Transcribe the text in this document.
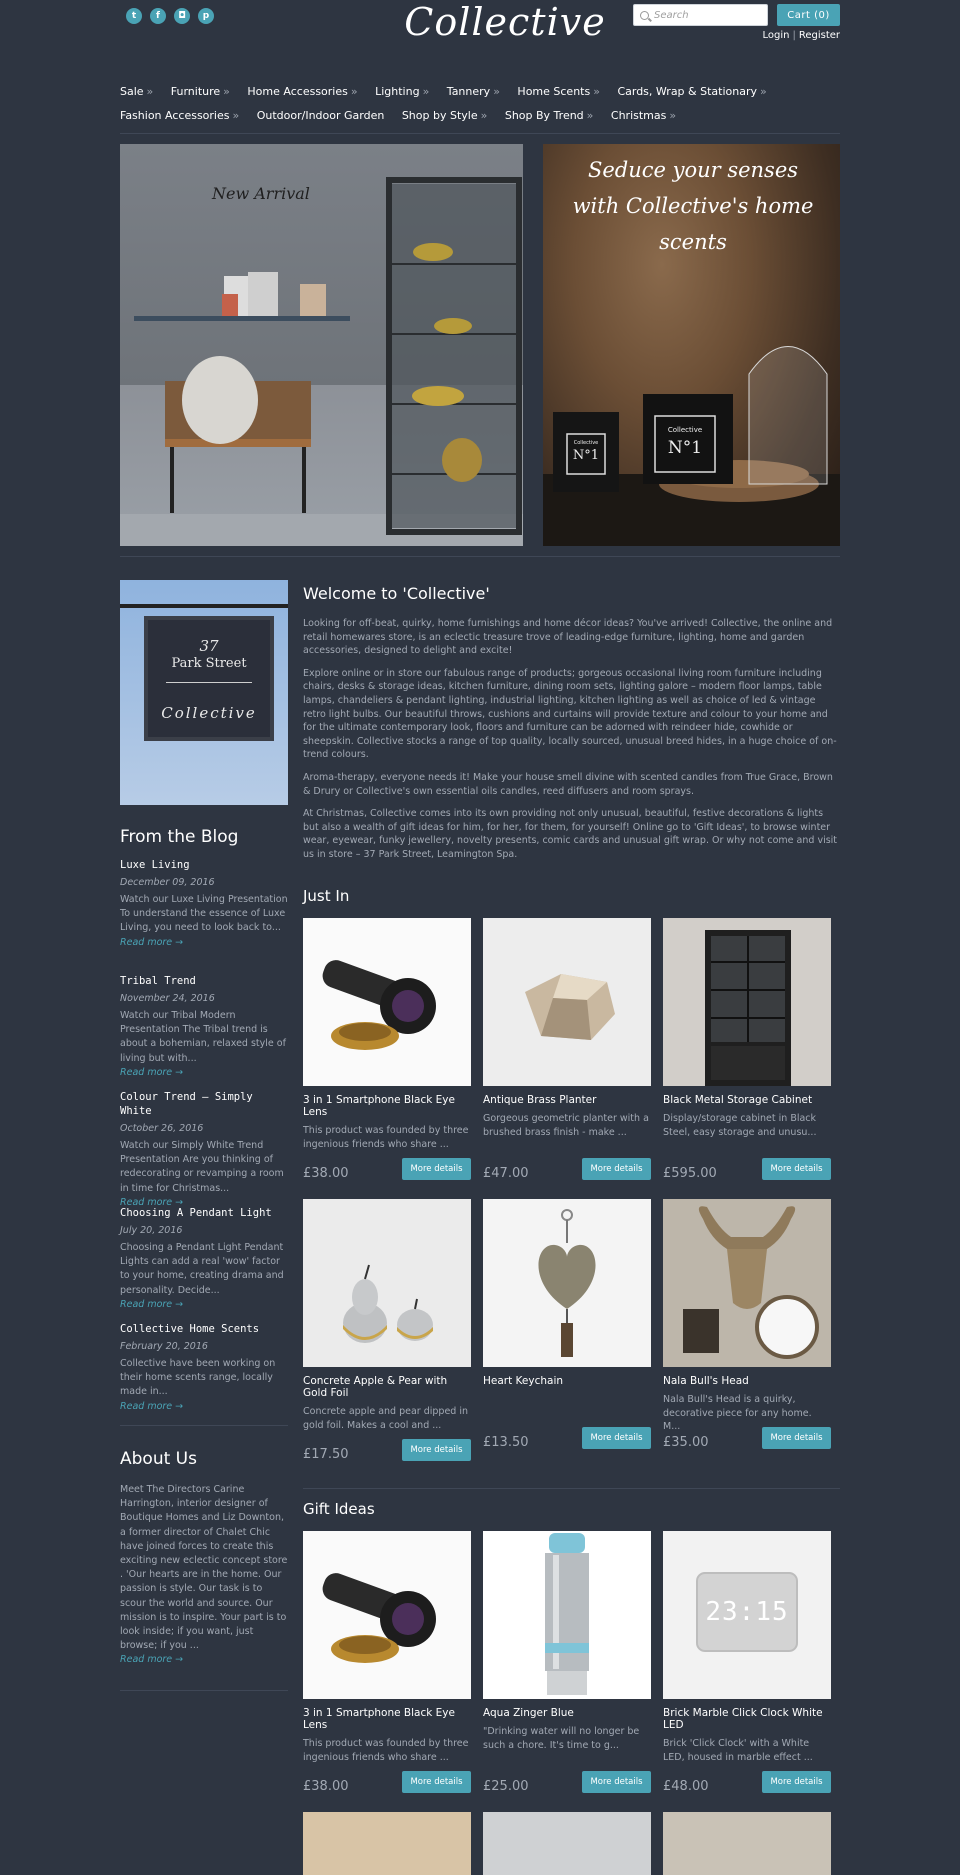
t	f	◘	p	Collective
Search	Cart (0)
Login | Register
Sale » Furniture » Home Accessories » Lighting » Tannery » Home Scents » Cards, Wrap & Stationary » Fashion Accessories » Outdoor/Indoor Garden Shop by Style » Shop By Trend » Christmas »
New Arrival
Seduce your senses with Collective's home scents
Collective
N°1
Collective
N°1
37
Park Street
Collective
From the Blog
Luxe Living
December 09, 2016
Watch our Luxe Living Presentation To understand the essence of Luxe Living, you need to look back to...
Read more →
Tribal Trend
November 24, 2016
Watch our Tribal Modern Presentation The Tribal trend is about a bohemian, relaxed style of living but with...
Read more →
Colour Trend – Simply White
October 26, 2016
Watch our Simply White Trend Presentation Are you thinking of redecorating or revamping a room in time for Christmas...
Read more →
Choosing A Pendant Light
July 20, 2016
Choosing a Pendant Light Pendant Lights can add a real 'wow' factor to your home, creating drama and personality. Decide...
Read more →
Collective Home Scents
February 20, 2016
Collective have been working on their home scents range, locally made in...
Read more →
About Us
Meet The Directors Carine Harrington, interior designer of Boutique Homes and Liz Downton, a former director of Chalet Chic have joined forces to create this exciting new eclectic concept store . 'Our hearts are in the home. Our passion is style. Our task is to scour the world and source. Our mission is to inspire. Your part is to look inside; if you want, just browse; if you ...
Read more →
Welcome to 'Collective'

Looking for off-beat, quirky, home furnishings and home décor ideas? You've arrived! Collective, the online and retail homewares store, is an eclectic treasure trove of leading-edge furniture, lighting, home and garden accessories, designed to delight and excite!

Explore online or in store our fabulous range of products; gorgeous occasional living room furniture including chairs, desks & storage ideas, kitchen furniture, dining room sets, lighting galore – modern floor lamps, table lamps, chandeliers & pendant lighting, industrial lighting, kitchen lighting as well as choice of led & vintage retro light bulbs. Our beautiful throws, cushions and curtains will provide texture and colour to your home and for the ultimate contemporary look, floors and furniture can be adorned with reindeer hide, cowhide or sheepskin. Collective stocks a range of top quality, locally sourced, unusual breed hides, in a huge choice of on-trend colours.

Aroma-therapy, everyone needs it! Make your house smell divine with scented candles from True Grace, Brown & Drury or Collective's own essential oils candles, reed diffusers and room sprays.

At Christmas, Collective comes into its own providing not only unusual, beautiful, festive decorations & lights but also a wealth of gift ideas for him, for her, for them, for yourself! Online go to 'Gift Ideas', to browse winter wear, eyewear, funky jewellery, novelty presents, comic cards and unusual gift wrap. Or why not come and visit us in store – 37 Park Street, Leamington Spa.

Just In
3 in 1 Smartphone Black Eye Lens
This product was founded by three ingenious friends who share ...
£38.00	More details
Antique Brass Planter
Gorgeous geometric planter with a brushed brass finish - make ...
£47.00	More details
Black Metal Storage Cabinet
Display/storage cabinet in Black Steel, easy storage and unusu...
£595.00	More details
Concrete Apple & Pear with Gold Foil
Concrete apple and pear dipped in gold foil. Makes a cool and ...
£17.50	More details
Heart Keychain
£13.50	More details
Nala Bull's Head
Nala Bull's Head is a quirky, decorative piece for any home. M...
£35.00	More details
Gift Ideas
3 in 1 Smartphone Black Eye Lens
This product was founded by three ingenious friends who share ...
£38.00	More details
Aqua Zinger Blue
"Drinking water will no longer be such a chore. It's time to g...
£25.00	More details
23:15
Brick Marble Click Clock White LED
Brick 'Click Clock' with a White LED, housed in marble effect ...
£48.00	More details
